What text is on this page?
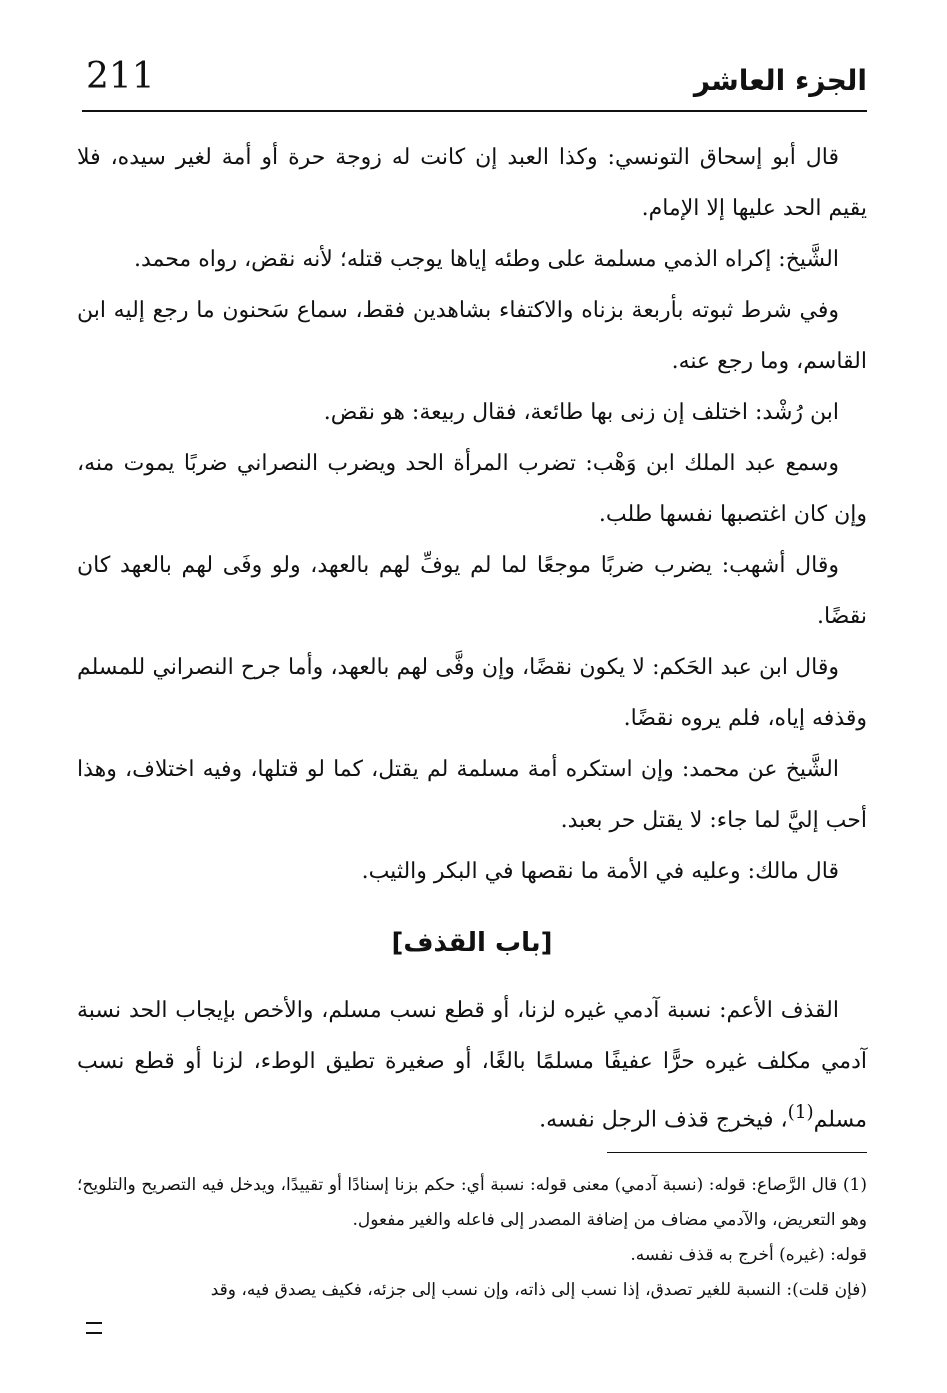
211	الجزء العاشر

قال أبو إسحاق التونسي: وكذا العبد إن كانت له زوجة حرة أو أمة لغير سيده، فلا يقيم الحد عليها إلا الإمام.

الشَّيخ: إكراه الذمي مسلمة على وطئه إياها يوجب قتله؛ لأنه نقض، رواه محمد.

وفي شرط ثبوته بأربعة بزناه والاكتفاء بشاهدين فقط، سماع سَحنون ما رجع إليه ابن القاسم، وما رجع عنه.

ابن رُشْد: اختلف إن زنى بها طائعة، فقال ربيعة: هو نقض.

وسمع عبد الملك ابن وَهْب: تضرب المرأة الحد ويضرب النصراني ضربًا يموت منه، وإن كان اغتصبها نفسها طلب.

وقال أشهب: يضرب ضربًا موجعًا لما لم يوفِّ لهم بالعهد، ولو وفَى لهم بالعهد كان نقضًا.

وقال ابن عبد الحَكم: لا يكون نقضًا، وإن وفَّى لهم بالعهد، وأما جرح النصراني للمسلم وقذفه إياه، فلم يروه نقضًا.

الشَّيخ عن محمد: وإن استكره أمة مسلمة لم يقتل، كما لو قتلها، وفيه اختلاف، وهذا أحب إليَّ لما جاء: لا يقتل حر بعبد.

قال مالك: وعليه في الأمة ما نقصها في البكر والثيب.

[باب القذف]

القذف الأعم: نسبة آدمي غيره لزنا، أو قطع نسب مسلم، والأخص بإيجاب الحد نسبة آدمي مكلف غيره حرًّا عفيفًا مسلمًا بالغًا، أو صغيرة تطيق الوطء، لزنا أو قطع نسب مسلم$^{(1)}$، فيخرج قذف الرجل نفسه.

(1) قال الرَّصاع: قوله: (نسبة آدمي) معنى قوله: نسبة أي: حكم بزنا إسنادًا أو تقييدًا، ويدخل فيه التصريح والتلويح؛ وهو التعريض، والآدمي مضاف من إضافة المصدر إلى فاعله والغير مفعول.

قوله: (غيره) أخرج به قذف نفسه.

(فإن قلت): النسبة للغير تصدق، إذا نسب إلى ذاته، وإن نسب إلى جزئه، فكيف يصدق فيه، وقد
